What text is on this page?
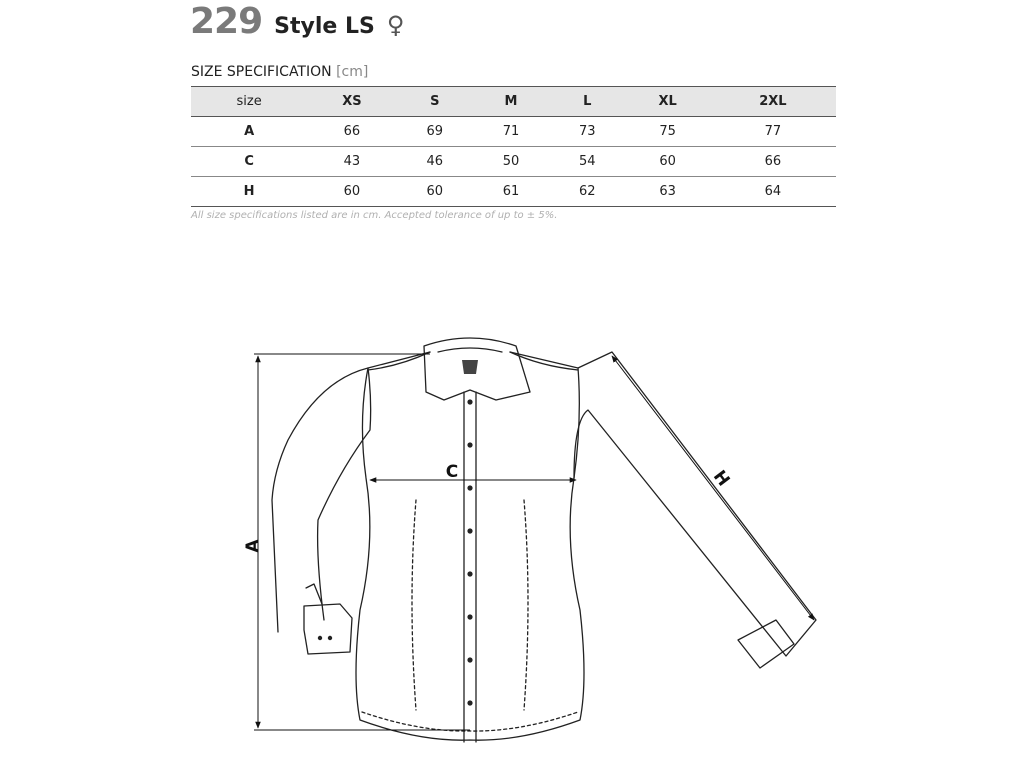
229 Style LS ♀
SIZE SPECIFICATION [cm]
size	XS	S	M	L	XL	2XL
A	66	69	71	73	75	77
C	43	46	50	54	60	66
H	60	60	61	62	63	64
All size specifications listed are in cm. Accepted tolerance of up to ± 5%.
A
C	H
